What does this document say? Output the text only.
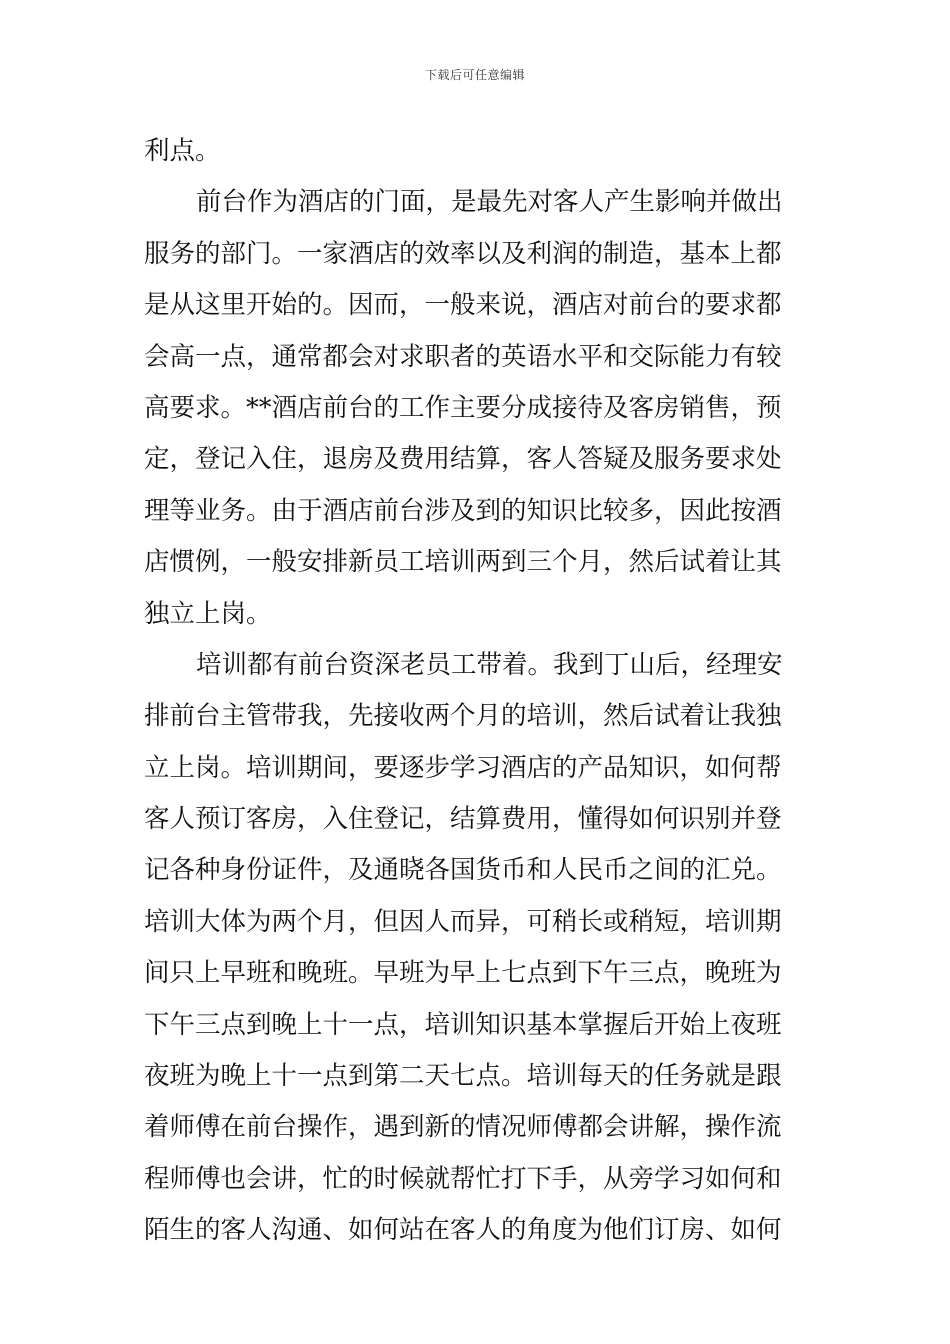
下载后可任意编辑
利点。
前台作为酒店的门面，是最先对客人产生影响并做出
服务的部门。一家酒店的效率以及利润的制造，基本上都
是从这里开始的。因而，一般来说，酒店对前台的要求都
会高一点，通常都会对求职者的英语水平和交际能力有较
高要求。**酒店前台的工作主要分成接待及客房销售，预
定，登记入住，退房及费用结算，客人答疑及服务要求处
理等业务。由于酒店前台涉及到的知识比较多，因此按酒
店惯例，一般安排新员工培训两到三个月，然后试着让其
独立上岗。
培训都有前台资深老员工带着。我到丁山后，经理安
排前台主管带我，先接收两个月的培训，然后试着让我独
立上岗。培训期间，要逐步学习酒店的产品知识，如何帮
客人预订客房，入住登记，结算费用，懂得如何识别并登
记各种身份证件，及通晓各国货币和人民币之间的汇兑。
培训大体为两个月，但因人而异，可稍长或稍短，培训期
间只上早班和晚班。早班为早上七点到下午三点，晚班为
下午三点到晚上十一点，培训知识基本掌握后开始上夜班
夜班为晚上十一点到第二天七点。培训每天的任务就是跟
着师傅在前台操作，遇到新的情况师傅都会讲解，操作流
程师傅也会讲，忙的时候就帮忙打下手，从旁学习如何和
陌生的客人沟通、如何站在客人的角度为他们订房、如何
